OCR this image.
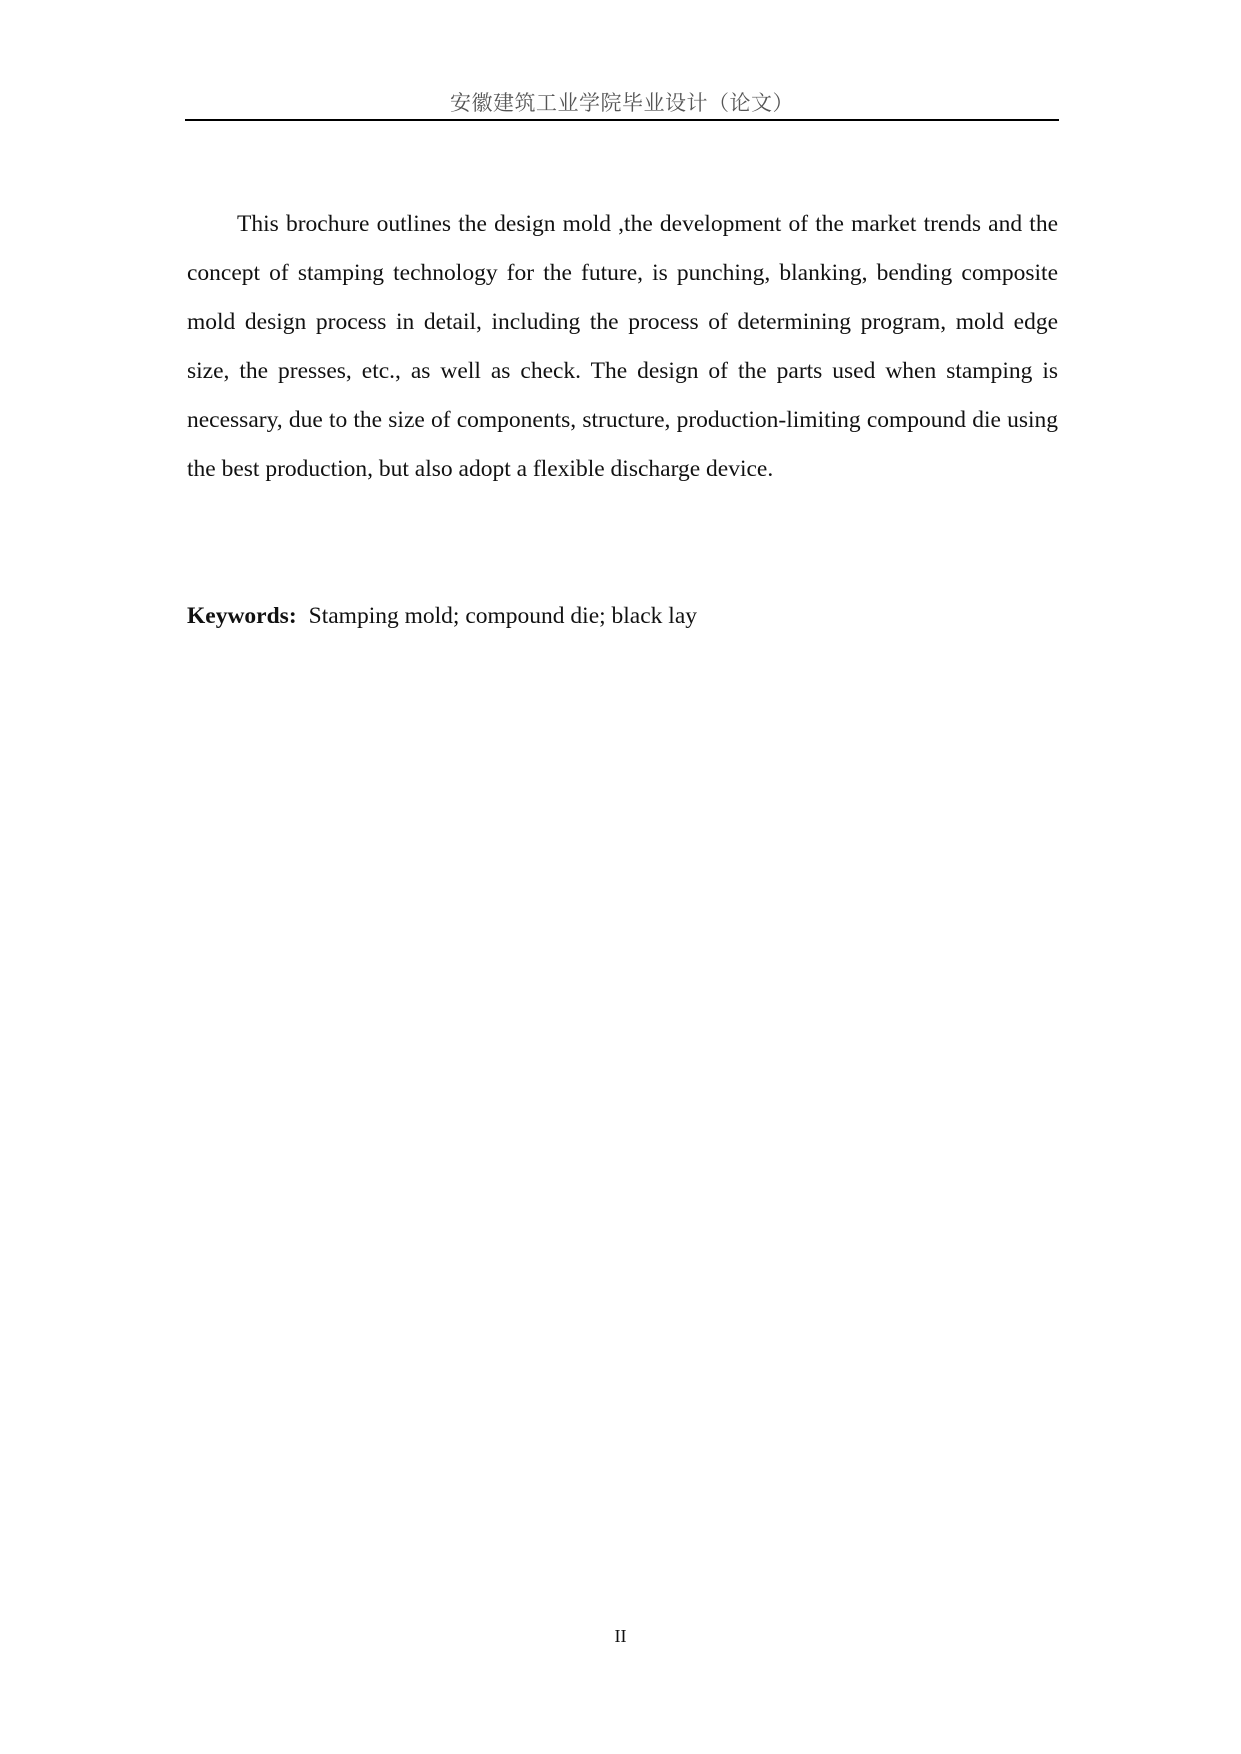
安徽建筑工业学院毕业设计（论文）

This brochure outlines the design mold ,the development of the market trends and the concept of stamping technology for the future, is punching, blanking, bending composite mold design process in detail, including the process of determining program, mold edge size, the presses, etc., as well as check. The design of the parts used when stamping is necessary, due to the size of components, structure, production-limiting compound die using the best production, but also adopt a flexible discharge device.

Keywords: Stamping mold; compound die; black lay

II
